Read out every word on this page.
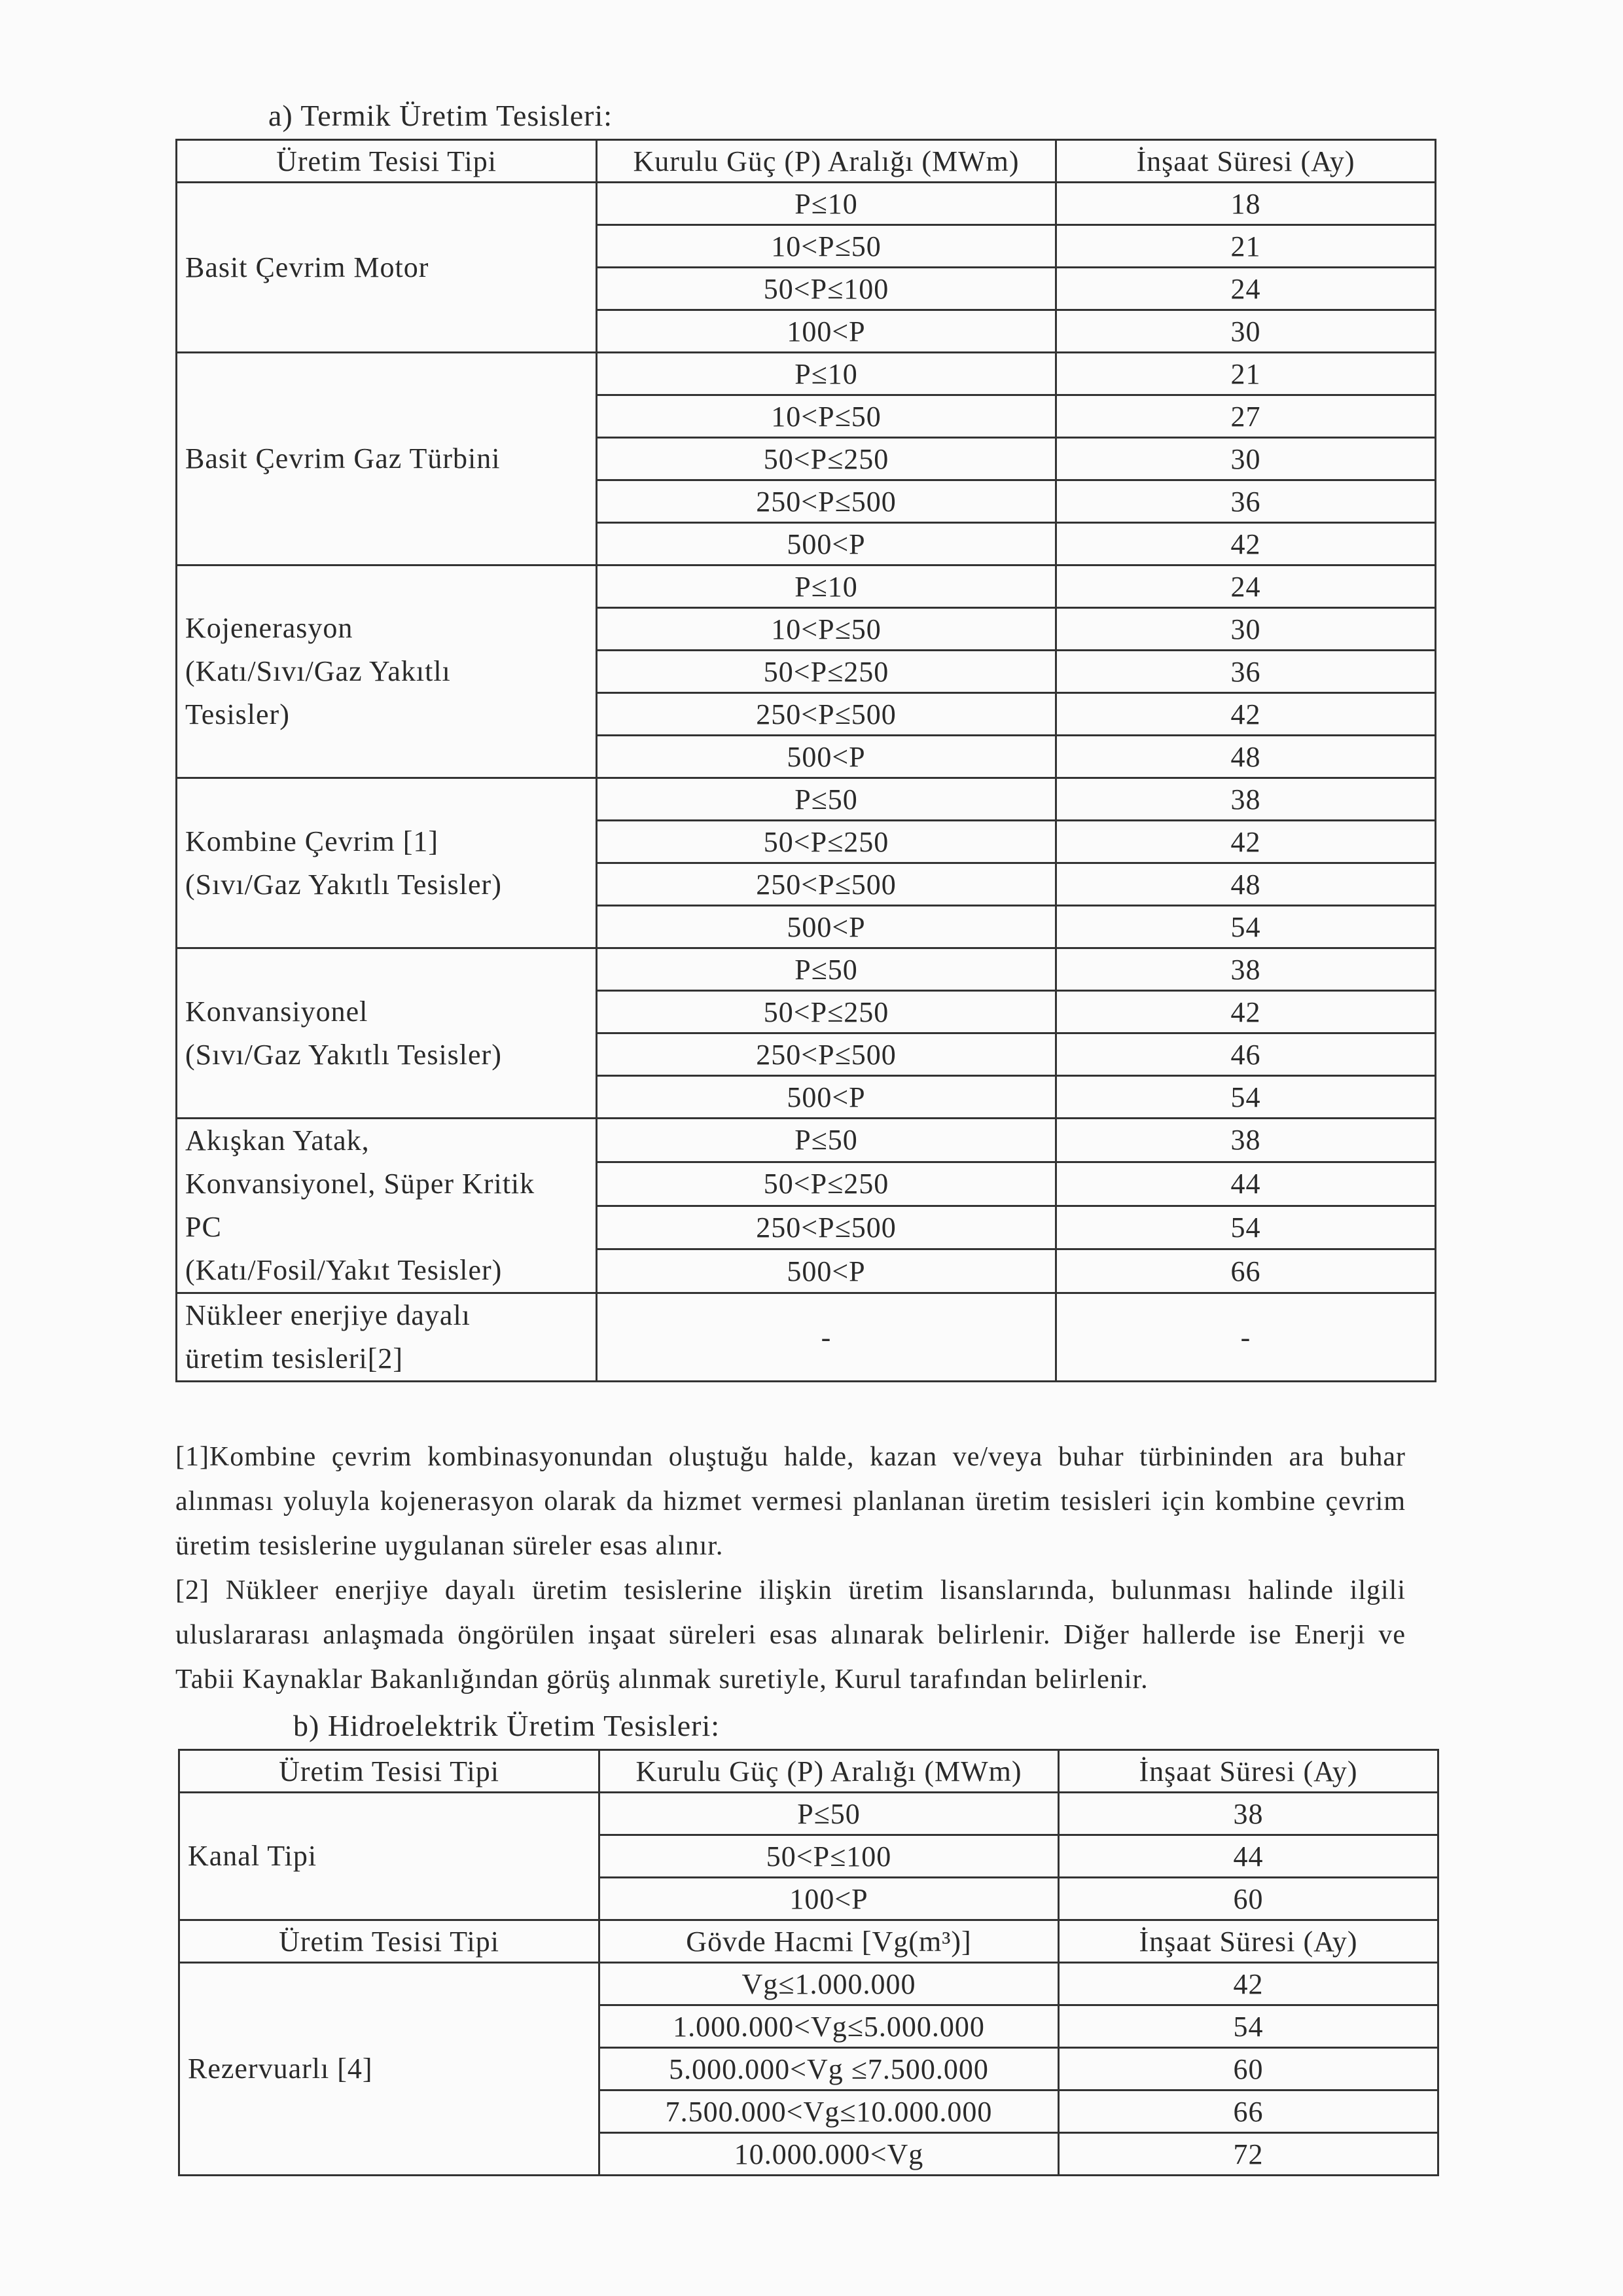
a) Termik Üretim Tesisleri:
Üretim Tesisi Tipi	Kurulu Güç (P) Aralığı (MWm)	İnşaat Süresi (Ay)
Basit Çevrim Motor	P≤10	18
	10<P≤50	21
	50<P≤100	24
	100<P	30
Basit Çevrim Gaz Türbini	P≤10	21
	10<P≤50	27
	50<P≤250	30
	250<P≤500	36
	500<P	42

Kojenerasyon
(Katı/Sıvı/Gaz Yakıtlı
Tesisler)	P≤10	24
	10<P≤50	30
	50<P≤250	36
	250<P≤500	42
	500<P	48

Kombine Çevrim [1]
(Sıvı/Gaz Yakıtlı Tesisler)	P≤50	38
	50<P≤250	42
	250<P≤500	48
	500<P	54

Konvansiyonel
(Sıvı/Gaz Yakıtlı Tesisler)	P≤50	38
	50<P≤250	42
	250<P≤500	46
	500<P	54

Akışkan Yatak,
Konvansiyonel, Süper Kritik
PC
(Katı/Fosil/Yakıt Tesisler)	P≤50	38
	50<P≤250	44
	250<P≤500	54
	500<P	66

Nükleer enerjiye dayalı
üretim tesisleri[2]	-	-

[1]Kombine çevrim kombinasyonundan oluştuğu halde, kazan ve/veya buhar türbininden ara buhar alınması yoluyla kojenerasyon olarak da hizmet vermesi planlanan üretim tesisleri için kombine çevrim üretim tesislerine uygulanan süreler esas alınır.

[2] Nükleer enerjiye dayalı üretim tesislerine ilişkin üretim lisanslarında, bulunması halinde ilgili uluslararası anlaşmada öngörülen inşaat süreleri esas alınarak belirlenir. Diğer hallerde ise Enerji ve Tabii Kaynaklar Bakanlığından görüş alınmak suretiyle, Kurul tarafından belirlenir.

b) Hidroelektrik Üretim Tesisleri:
Üretim Tesisi Tipi	Kurulu Güç (P) Aralığı (MWm)	İnşaat Süresi (Ay)
Kanal Tipi	P≤50	38
	50<P≤100	44
	100<P	60
Üretim Tesisi Tipi	Gövde Hacmi [Vg(m³)]	İnşaat Süresi (Ay)
Rezervuarlı [4]	Vg≤1.000.000	42
	1.000.000<Vg≤5.000.000	54
	5.000.000<Vg ≤7.500.000	60
	7.500.000<Vg≤10.000.000	66
	10.000.000<Vg	72
